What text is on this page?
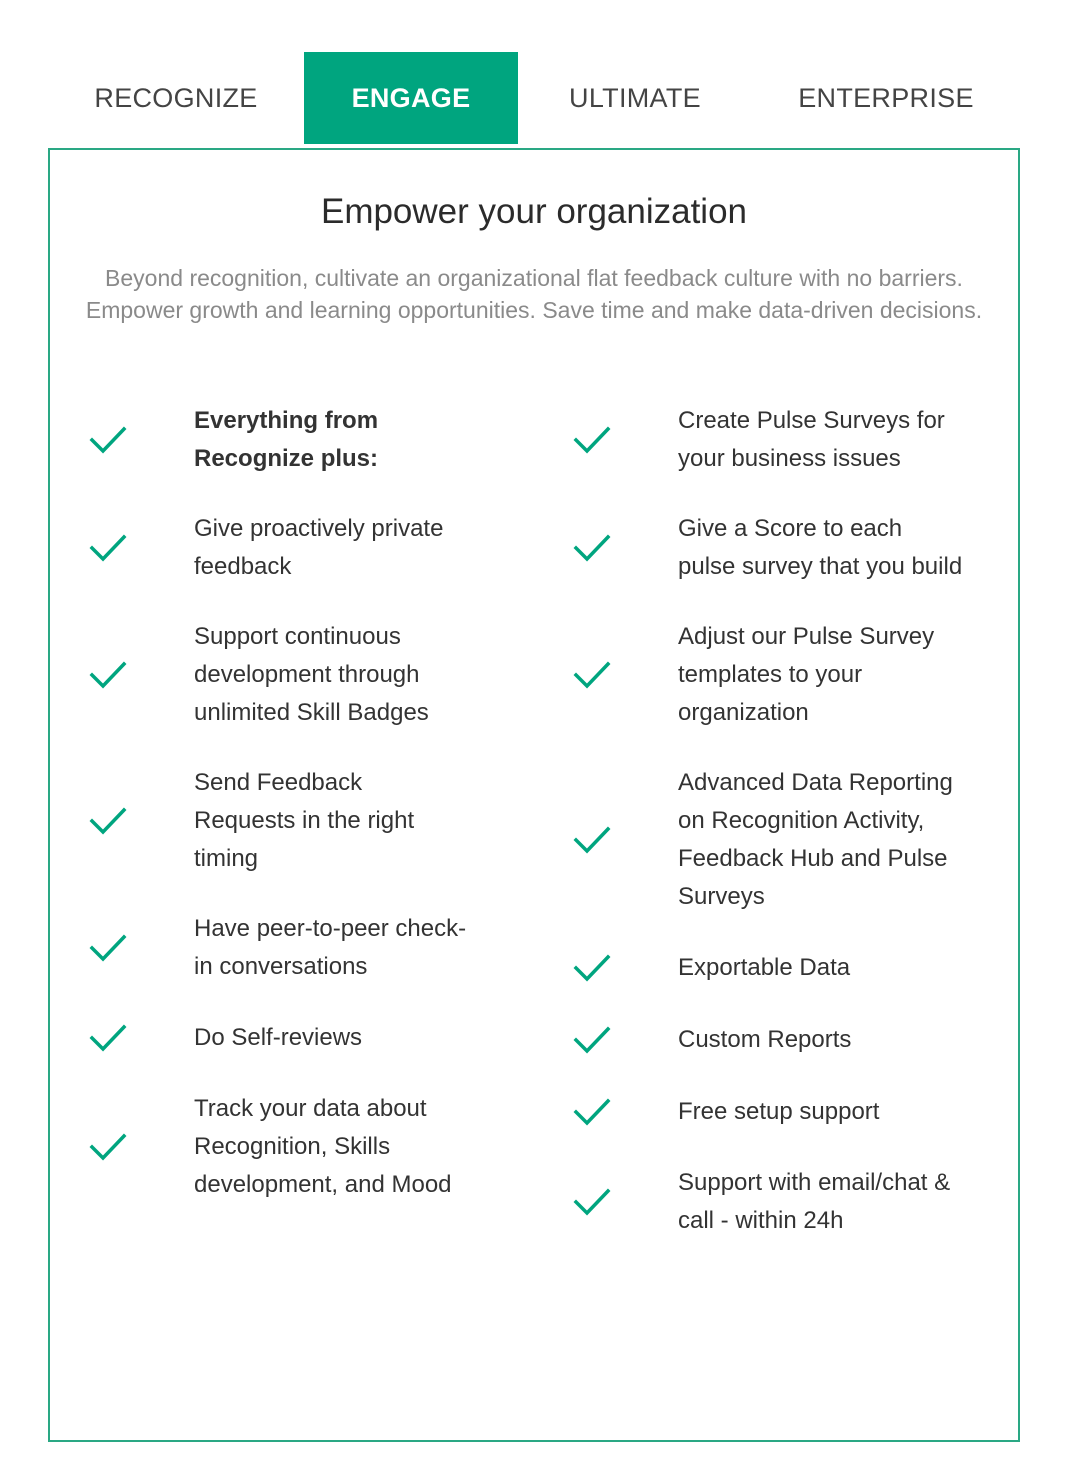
RECOGNIZE	ENGAGE	ULTIMATE	ENTERPRISE
Empower your organization

Beyond recognition, cultivate an organizational flat feedback culture with no barriers. Empower growth and learning opportunities. Save time and make data-driven decisions.

Everything from Recognize plus:
Give proactively private feedback
Support continuous development through unlimited Skill Badges
Send Feedback Requests in the right timing
Have peer-to-peer check-in conversations
Do Self-reviews
Track your data about Recognition, Skills development, and Mood
Create Pulse Surveys for your business issues
Give a Score to each pulse survey that you build
Adjust our Pulse Survey templates to your organization
Advanced Data Reporting on Recognition Activity, Feedback Hub and Pulse Surveys
Exportable Data
Custom Reports
Free setup support
Support with email/chat & call - within 24h
